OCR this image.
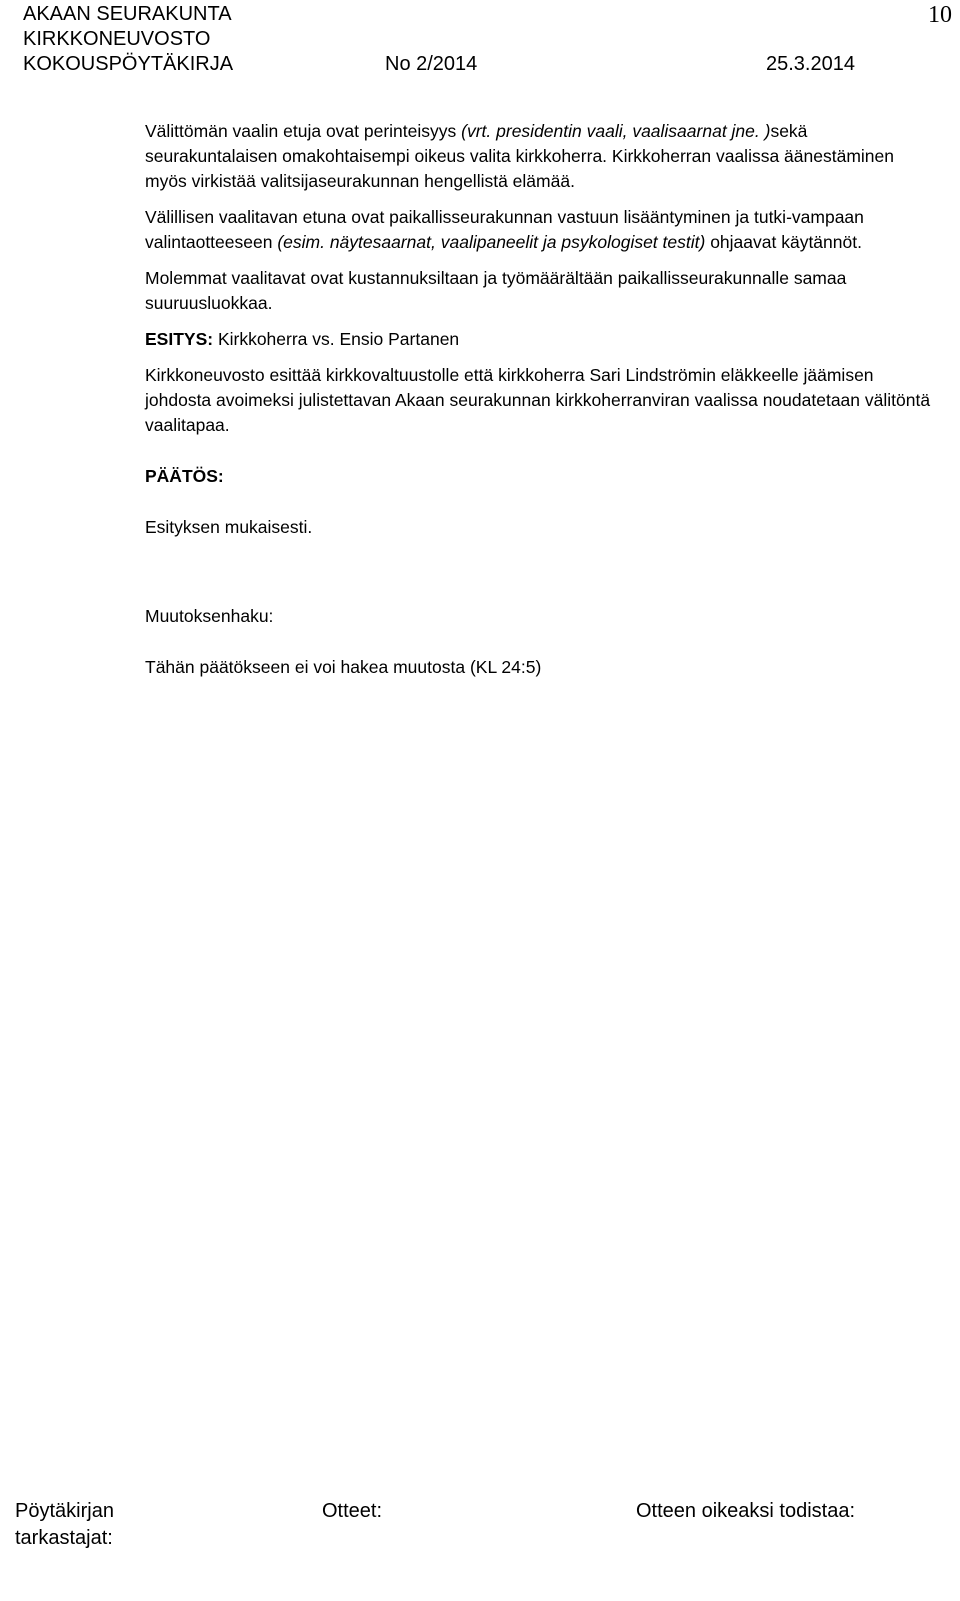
AKAAN SEURAKUNTA
KIRKKONEUVOSTO
KOKOUSPÖYTÄKIRJA	No 2/2014	25.3.2014
10

Välittömän vaalin etuja ovat perinteisyys (vrt. presidentin vaali, vaalisaarnat jne. )sekä seurakuntalaisen omakohtaisempi oikeus valita kirkkoherra. Kirkkoherran vaalissa äänestäminen myös virkistää valitsijaseurakunnan hengellistä elämää.

Välillisen vaalitavan etuna ovat paikallisseurakunnan vastuun lisääntyminen ja tutki-vampaan valintaotteeseen (esim. näytesaarnat, vaalipaneelit ja psykologiset testit) ohjaavat käytännöt.

Molemmat vaalitavat ovat kustannuksiltaan ja työmäärältään paikallisseurakunnalle samaa suuruusluokkaa.

ESITYS: Kirkkoherra vs. Ensio Partanen

Kirkkoneuvosto esittää kirkkovaltuustolle että kirkkoherra Sari Lindströmin eläkkeelle jäämisen johdosta avoimeksi julistettavan Akaan seurakunnan kirkkoherranviran vaalissa noudatetaan välitöntä vaalitapaa.

PÄÄTÖS:

Esityksen mukaisesti.

Muutoksenhaku:

Tähän päätökseen ei voi hakea muutosta (KL 24:5)

Pöytäkirjan tarkastajat:
Otteet:	Otteen oikeaksi todistaa:
